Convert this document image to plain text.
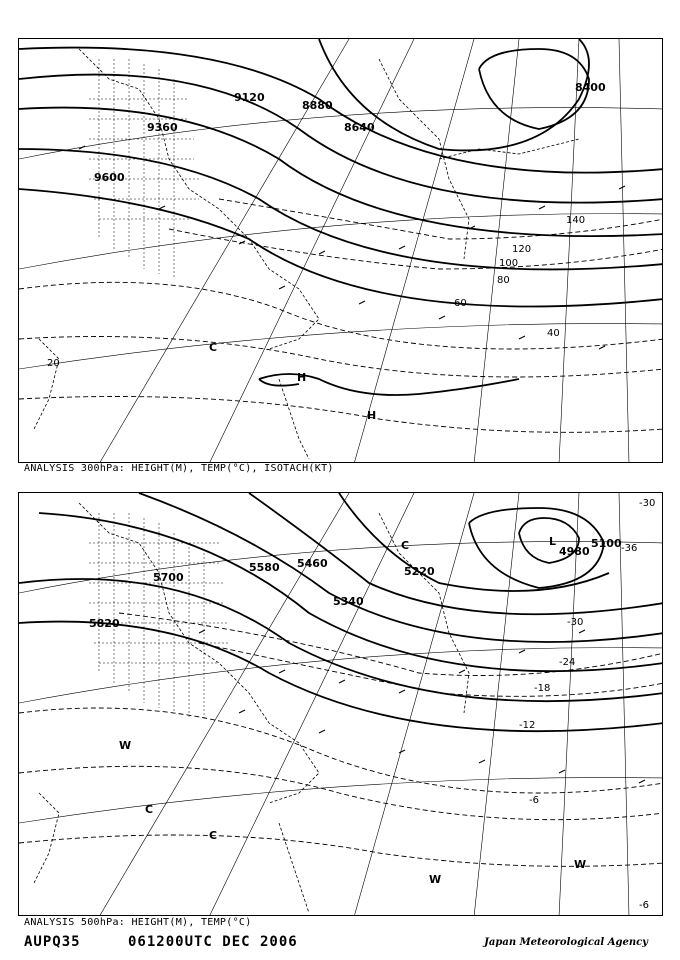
9600
9360
9120
8880
8640
8400
20
40
60
80
100
120
140
H
H
C
ANALYSIS 300hPa: HEIGHT(M), TEMP(°C), ISOTACH(KT)
5820
5700
5580 5460
5340
5220
5100
4980	-36
-30
-30
-24
-18
-12
-6
-6
L
C
C
C
W
W
W
ANALYSIS 500hPa: HEIGHT(M), TEMP(°C)
AUPQ35	061200UTC DEC 2006	Japan Meteorological Agency
